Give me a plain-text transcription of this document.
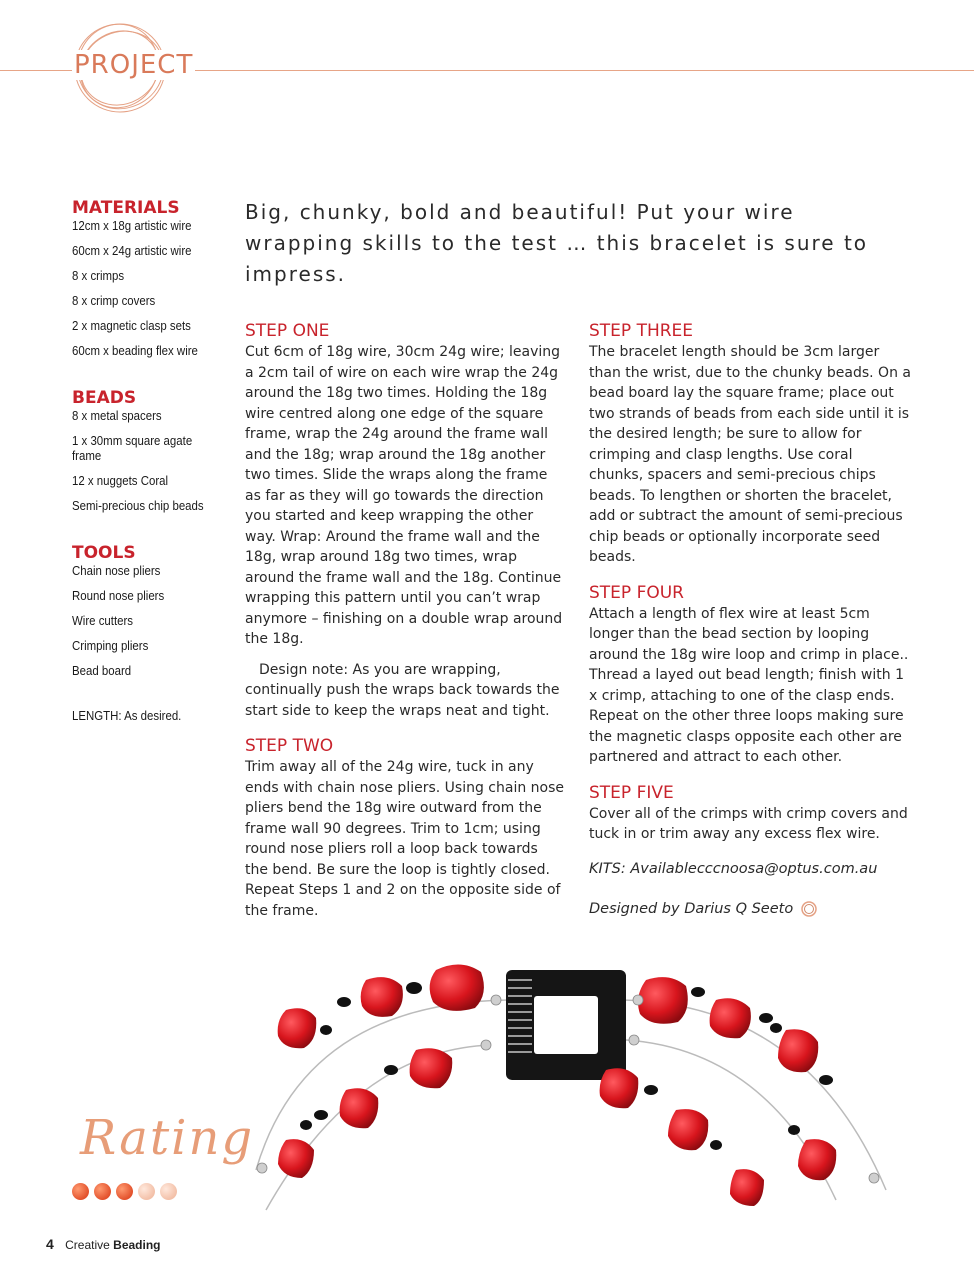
PROJECT
MATERIALS
12cm x 18g artistic wire
60cm x 24g artistic wire
8 x crimps
8 x crimp covers
2 x magnetic clasp sets
60cm x beading flex wire
BEADS
8 x metal spacers
1 x 30mm square agate frame
12 x nuggets Coral
Semi-precious chip beads
TOOLS
Chain nose pliers
Round nose pliers
Wire cutters
Crimping pliers
Bead board
LENGTH: As desired.
Big, chunky, bold and beautiful! Put your wire wrapping skills to the test … this bracelet is sure to impress.
STEP ONE

Cut 6cm of 18g wire, 30cm 24g wire; leaving a 2cm tail of wire on each wire wrap the 24g around the 18g two times. Holding the 18g wire centred along one edge of the square frame, wrap the 24g around the frame wall and the 18g; wrap around the 18g another two times. Slide the wraps along the frame as far as they will go towards the direction you started and keep wrapping the other way. Wrap: Around the frame wall and the 18g, wrap around 18g two times, wrap around the frame wall and the 18g. Continue wrapping this pattern until you can’t wrap anymore – finishing on a double wrap around the 18g.

Design note: As you are wrapping, continually push the wraps back towards the start side to keep the wraps neat and tight.

STEP TWO

Trim away all of the 24g wire, tuck in any ends with chain nose pliers. Using chain nose pliers bend the 18g wire outward from the frame wall 90 degrees. Trim to 1cm; using round nose pliers roll a loop back towards the bend. Be sure the loop is tightly closed. Repeat Steps 1 and 2 on the opposite side of the frame.

STEP THREE

The bracelet length should be 3cm larger than the wrist, due to the chunky beads. On a bead board lay the square frame; place out two strands of beads from each side until it is the desired length; be sure to allow for crimping and clasp lengths. Use coral chunks, spacers and semi-precious chips beads. To lengthen or shorten the bracelet, add or subtract the amount of semi-precious chip beads or optionally incorporate seed beads.

STEP FOUR

Attach a length of flex wire at least 5cm longer than the bead section by looping around the 18g wire loop and crimp in place.. Thread a layed out bead length; finish with 1 x crimp, attaching to one of the clasp ends. Repeat on the other three loops making sure the magnetic clasps opposite each other are partnered and attract to each other.

STEP FIVE

Cover all of the crimps with crimp covers and tuck in or trim away any excess flex wire.

KITS: Availablecccnoosa@optus.com.au

Designed by Darius Q Seeto
Rating
4 Creative Beading
